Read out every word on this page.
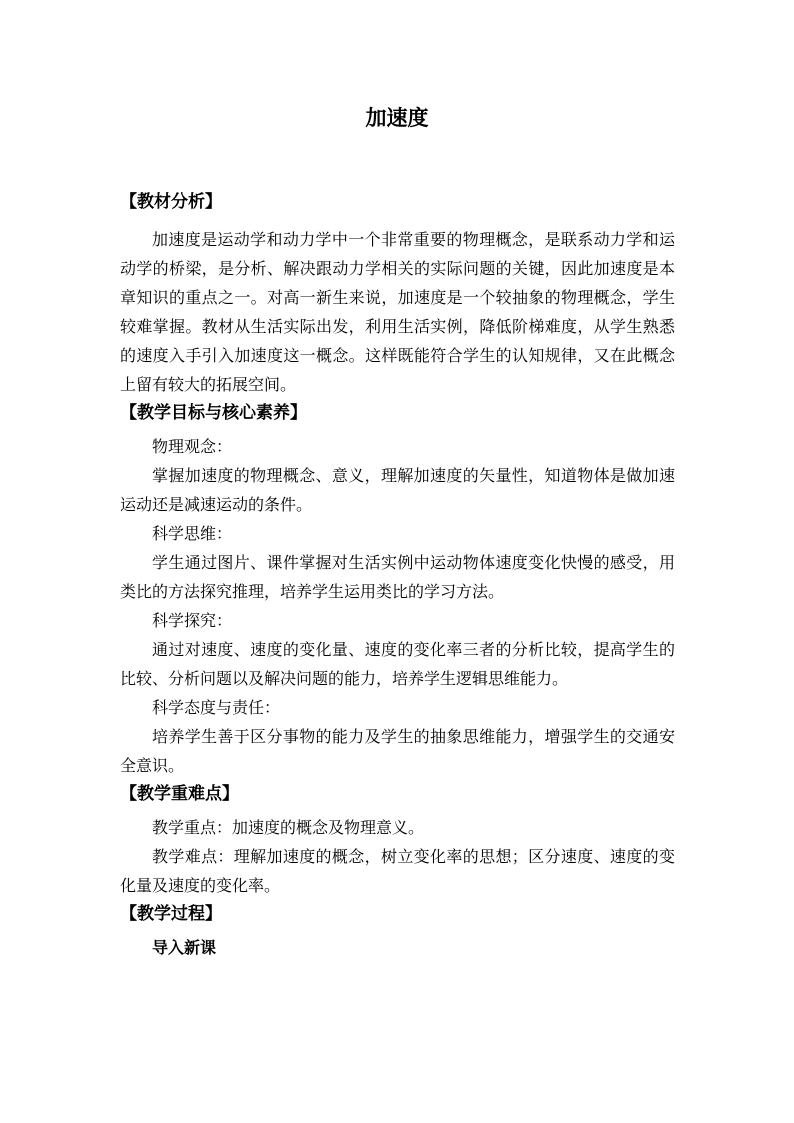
加速度

【教材分析】

加速度是运动学和动力学中一个非常重要的物理概念，是联系动力学和运动学的桥梁，是分析、解决跟动力学相关的实际问题的关键，因此加速度是本章知识的重点之一。对高一新生来说，加速度是一个较抽象的物理概念，学生较难掌握。教材从生活实际出发，利用生活实例，降低阶梯难度，从学生熟悉的速度入手引入加速度这一概念。这样既能符合学生的认知规律，又在此概念上留有较大的拓展空间。

【教学目标与核心素养】

物理观念：

掌握加速度的物理概念、意义，理解加速度的矢量性，知道物体是做加速运动还是减速运动的条件。

科学思维：

学生通过图片、课件掌握对生活实例中运动物体速度变化快慢的感受，用类比的方法探究推理，培养学生运用类比的学习方法。

科学探究：

通过对速度、速度的变化量、速度的变化率三者的分析比较，提高学生的比较、分析问题以及解决问题的能力，培养学生逻辑思维能力。

科学态度与责任：

培养学生善于区分事物的能力及学生的抽象思维能力，增强学生的交通安全意识。

【教学重难点】

教学重点：加速度的概念及物理意义。

教学难点：理解加速度的概念，树立变化率的思想；区分速度、速度的变化量及速度的变化率。

【教学过程】

导入新课
